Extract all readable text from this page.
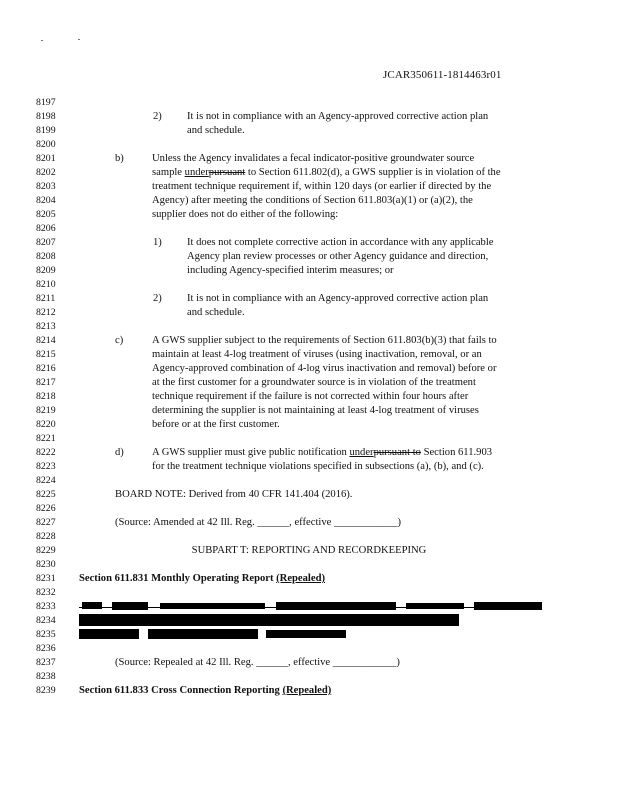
JCAR350611-1814463r01
8197
8198
8199
8200
8201
8202
8203
8204
8205
8206
8207
8208
8209
8210
8211
8212
8213
8214
8215
8216
8217
8218
8219
8220
8221
8222
8223
8224
8225
8226
8227
8228
8229
8230
8231
8232
8233
8234
8235
8236
8237
8238
8239
2) It is not in compliance with an Agency-approved corrective action plan
and schedule.
b)	Unless the Agency invalidates a fecal indicator-positive groundwater source
sample underpursuant to Section 611.802(d), a GWS supplier is in violation of the
treatment technique requirement if, within 120 days (or earlier if directed by the
Agency) after meeting the conditions of Section 611.803(a)(1) or (a)(2), the
supplier does not do either of the following:
1) It does not complete corrective action in accordance with any applicable
Agency plan review processes or other Agency guidance and direction,
including Agency-specified interim measures; or
2) It is not in compliance with an Agency-approved corrective action plan
and schedule.
c)	A GWS supplier subject to the requirements of Section 611.803(b)(3) that fails to
maintain at least 4-log treatment of viruses (using inactivation, removal, or an
Agency-approved combination of 4-log virus inactivation and removal) before or
at the first customer for a groundwater source is in violation of the treatment
technique requirement if the failure is not corrected within four hours after
determining the supplier is not maintaining at least 4-log treatment of viruses
before or at the first customer.
d)	A GWS supplier must give public notification underpursuant to Section 611.903
for the treatment technique violations specified in subsections (a), (b), and (c).
BOARD NOTE: Derived from 40 CFR 141.404 (2016).
(Source: Amended at 42 Ill. Reg. ______, effective ____________)
SUBPART T: REPORTING AND RECORDKEEPING
Section 611.831 Monthly Operating Report (Repealed)
(Source: Repealed at 42 Ill. Reg. ______, effective ____________)
Section 611.833 Cross Connection Reporting (Repealed)
